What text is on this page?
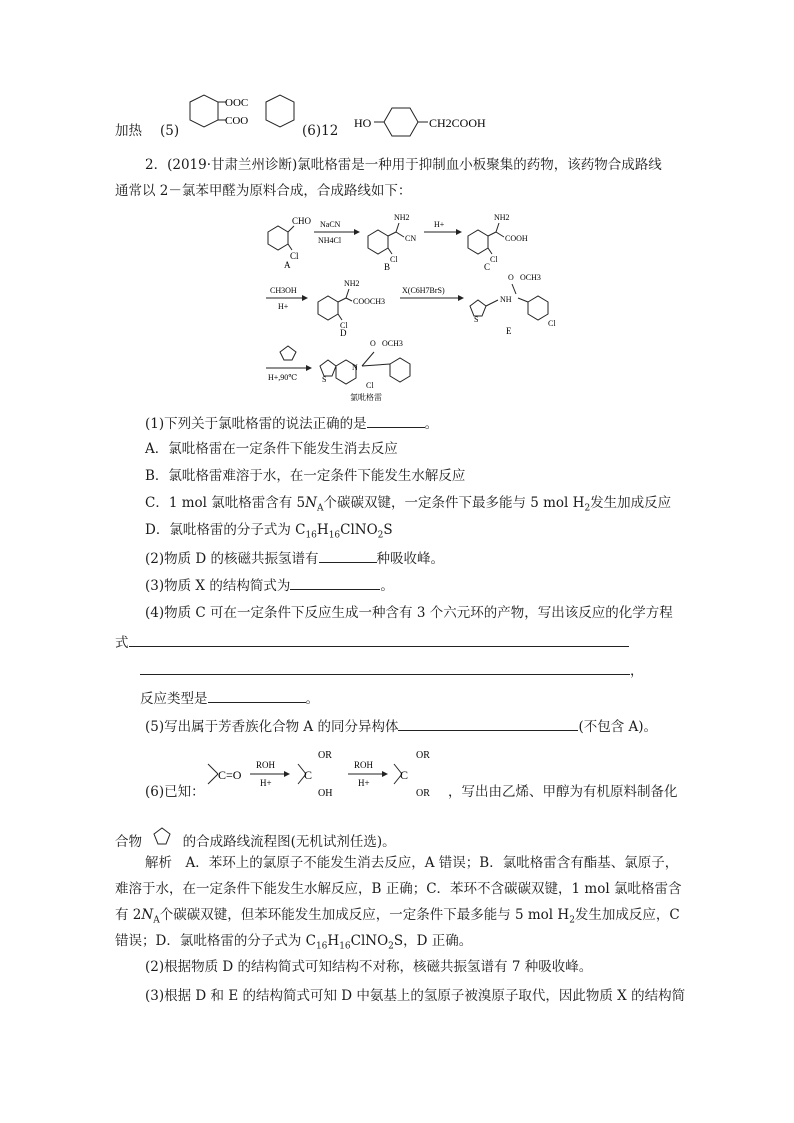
加热 (5)
OOC
COO
(6)12 HO	CH2COOH
2．(2019·甘肃兰州诊断)氯吡格雷是一种用于抑制血小板聚集的药物，该药物合成路线
通常以 2－氯苯甲醛为原料合成，合成路线如下：
CHO
Cl
A
NaCN
NH4Cl
NH2
CN
Cl
B
H+
NH2
COOH
Cl
C
CH3OH
H+
NH2
COOCH3
Cl
D
X(C6H7BrS)
O OCH3
NH
S	Cl
E
H+,90℃	S
N
O OCH3
Cl
氯吡格雷
(1)下列关于氯吡格雷的说法正确的是	。
A．氯吡格雷在一定条件下能发生消去反应
B．氯吡格雷难溶于水，在一定条件下能发生水解反应
C．1 mol 氯吡格雷含有 $5N_A$个碳碳双键，一定条件下最多能与 5 mol $H_2$发生加成反应
D．氯吡格雷的分子式为 $C_{16}H_{16}ClNO_2S$
(2)物质 D 的核磁共振氢谱有	种吸收峰。
(3)物质 X 的结构简式为	。
(4)物质 C 可在一定条件下反应生成一种含有 3 个六元环的产物，写出该反应的化学方程
式
，
反应类型是	。
(5)写出属于芳香族化合物 A 的同分异构体	(不包含 A)。
(6)已知：
C=O
ROH
H+
C
OR
OH
ROH
H+
C
OR
OR ，写出由乙烯、甲醇为有机原料制备化
合物	的合成路线流程图(无机试剂任选)。
解析　A．苯环上的氯原子不能发生消去反应，A 错误；B．氯吡格雷含有酯基、氯原子，
难溶于水，在一定条件下能发生水解反应，B 正确；C．苯环不含碳碳双键，1 mol 氯吡格雷含
有 $2N_A$个碳碳双键，但苯环能发生加成反应，一定条件下最多能与 5 mol $H_2$发生加成反应，C
错误；D．氯吡格雷的分子式为 $C_{16}H_{16}ClNO_2S$，D 正确。
(2)根据物质 D 的结构简式可知结构不对称，核磁共振氢谱有 7 种吸收峰。
(3)根据 D 和 E 的结构简式可知 D 中氨基上的氢原子被溴原子取代，因此物质 X 的结构简
